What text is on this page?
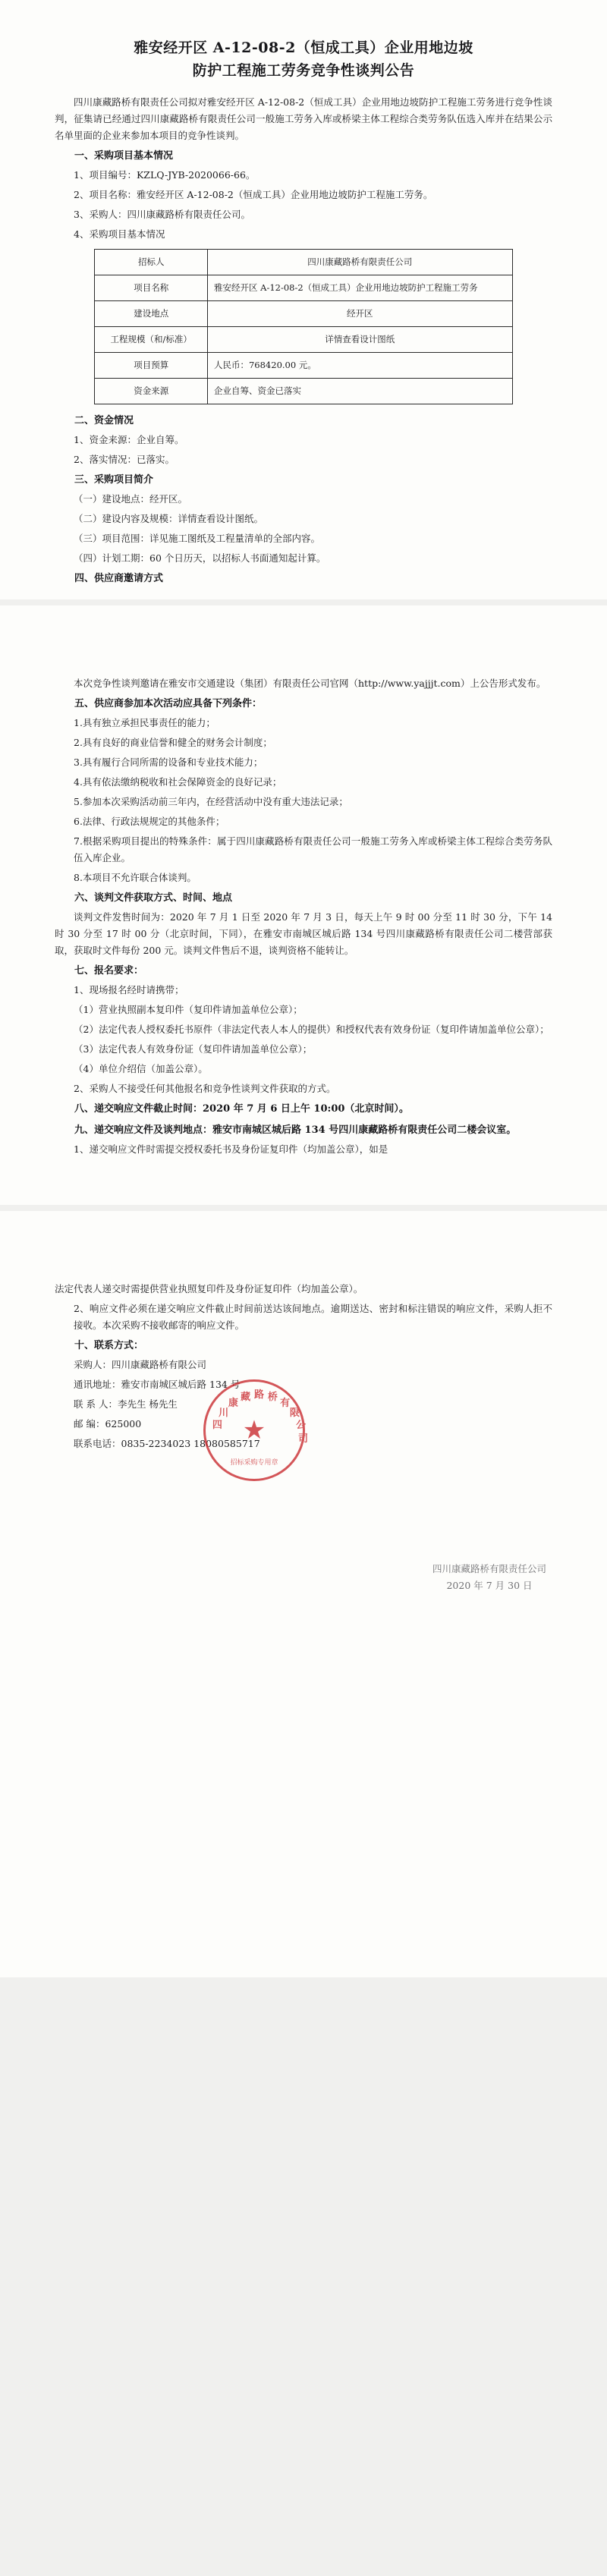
雅安经开区 A-12-08-2（恒成工具）企业用地边坡
防护工程施工劳务竞争性谈判公告

四川康藏路桥有限责任公司拟对雅安经开区 A-12-08-2（恒成工具）企业用地边坡防护工程施工劳务进行竞争性谈判，征集请已经通过四川康藏路桥有限责任公司一般施工劳务入库或桥梁主体工程综合类劳务队伍选入库并在结果公示名单里面的企业来参加本项目的竞争性谈判。

一、采购项目基本情况

1、项目编号：KZLQ-JYB-2020066-66。

2、项目名称：雅安经开区 A-12-08-2（恒成工具）企业用地边坡防护工程施工劳务。

3、采购人：四川康藏路桥有限责任公司。

4、采购项目基本情况

招标人	四川康藏路桥有限责任公司
项目名称	雅安经开区 A-12-08-2（恒成工具）企业用地边坡防护工程施工劳务
建设地点	经开区
工程规模（和/标准）	详情查看设计图纸
项目预算	人民币：768420.00 元。
资金来源	企业自筹、资金已落实
二、资金情况

1、资金来源：企业自筹。

2、落实情况：已落实。

三、采购项目简介

（一）建设地点：经开区。

（二）建设内容及规模：详情查看设计图纸。

（三）项目范围：详见施工图纸及工程量清单的全部内容。

（四）计划工期：60 个日历天，以招标人书面通知起计算。

四、供应商邀请方式

本次竞争性谈判邀请在雅安市交通建设（集团）有限责任公司官网（http://www.yajjjt.com）上公告形式发布。

五、供应商参加本次活动应具备下列条件：

1.具有独立承担民事责任的能力；

2.具有良好的商业信誉和健全的财务会计制度；

3.具有履行合同所需的设备和专业技术能力；

4.具有依法缴纳税收和社会保障资金的良好记录；

5.参加本次采购活动前三年内，在经营活动中没有重大违法记录；

6.法律、行政法规规定的其他条件；

7.根据采购项目提出的特殊条件：属于四川康藏路桥有限责任公司一般施工劳务入库或桥梁主体工程综合类劳务队伍入库企业。

8.本项目不允许联合体谈判。

六、谈判文件获取方式、时间、地点

谈判文件发售时间为：2020 年 7 月 1 日至 2020 年 7 月 3 日，每天上午 9 时 00 分至 11 时 30 分，下午 14 时 30 分至 17 时 00 分（北京时间，下同），在雅安市南城区城后路 134 号四川康藏路桥有限责任公司二楼营部获取，获取时文件每份 200 元。谈判文件售后不退，谈判资格不能转让。

七、报名要求：

1、现场报名经时请携带；

（1）营业执照副本复印件（复印件请加盖单位公章）；

（2）法定代表人授权委托书原件（非法定代表人本人的提供）和授权代表有效身份证（复印件请加盖单位公章）；

（3）法定代表人有效身份证（复印件请加盖单位公章）；

（4）单位介绍信（加盖公章）。

2、采购人不接受任何其他报名和竞争性谈判文件获取的方式。

八、递交响应文件截止时间：2020 年 7 月 6 日上午 10:00（北京时间）。
九、递交响应文件及谈判地点：雅安市南城区城后路 134 号四川康藏路桥有限责任公司二楼会议室。

1、递交响应文件时需提交授权委托书及身份证复印件（均加盖公章），如是

法定代表人递交时需提供营业执照复印件及身份证复印件（均加盖公章）。

2、响应文件必须在递交响应文件截止时间前送达该间地点。逾期送达、密封和标注错误的响应文件，采购人拒不接收。本次采购不接收邮寄的响应文件。

十、联系方式：

采购人：四川康藏路桥有限公司

通讯地址：雅安市南城区城后路 134 号

联 系 人：李先生 杨先生

邮 编：625000

联系电话：0835-2234023 18080585717

★
四
川
康
藏 路 桥
有
限
公
司
招标采购专用章
四川康藏路桥有限责任公司
2020 年 7 月 30 日
